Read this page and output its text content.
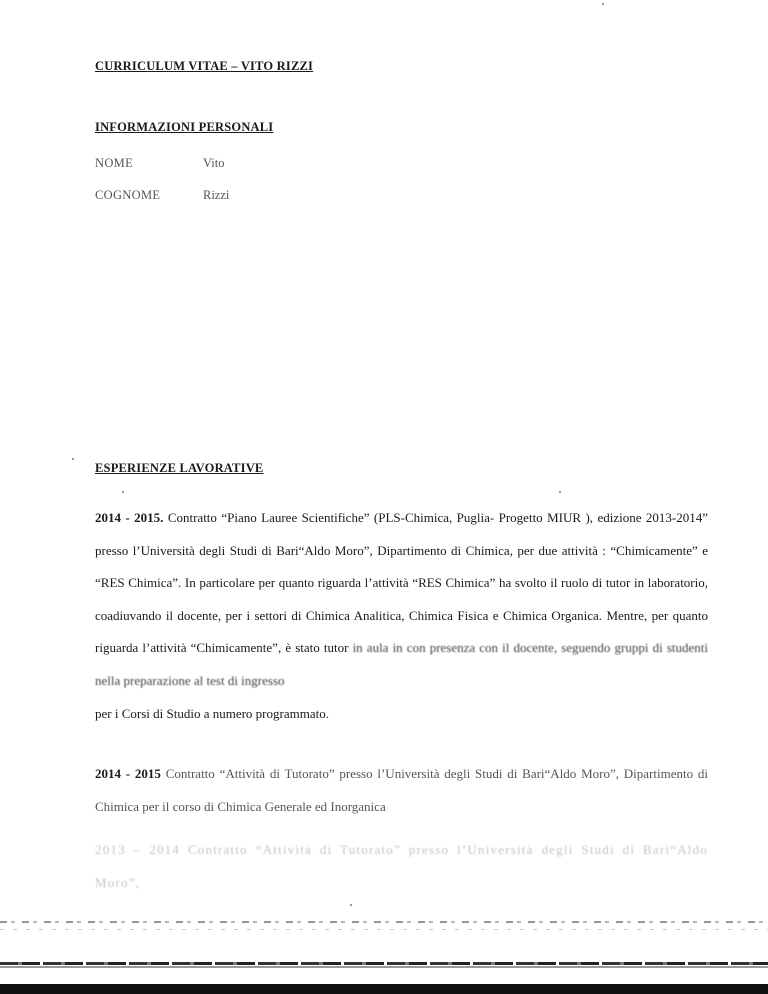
CURRICULUM VITAE – VITO RIZZI
INFORMAZIONI PERSONALI
NOME	Vito
COGNOME	Rizzi
ESPERIENZE LAVORATIVE
2014 - 2015. Contratto “Piano Lauree Scientifiche” (PLS-Chimica, Puglia- Progetto MIUR ), edizione 2013-2014” presso l’Università degli Studi di Bari“Aldo Moro”, Dipartimento di Chimica, per due attività : “Chimicamente” e “RES Chimica”. In particolare per quanto riguarda l’attività “RES Chimica” ha svolto il ruolo di tutor in laboratorio, coadiuvando il docente, per i settori di Chimica Analitica, Chimica Fisica e Chimica Organica. Mentre, per quanto riguarda l’attività “Chimicamente”, è stato tutor in aula in con presenza con il docente, seguendo gruppi di studenti nella preparazione al test di ingresso
per i Corsi di Studio a numero programmato.
2014 - 2015 Contratto “Attività di Tutorato” presso l’Università degli Studi di Bari“Aldo Moro”, Dipartimento di Chimica per il corso di Chimica Generale ed Inorganica
2013 – 2014 Contratto “Attività di Tutorato” presso l’Università degli Studi di Bari“Aldo Moro”,
